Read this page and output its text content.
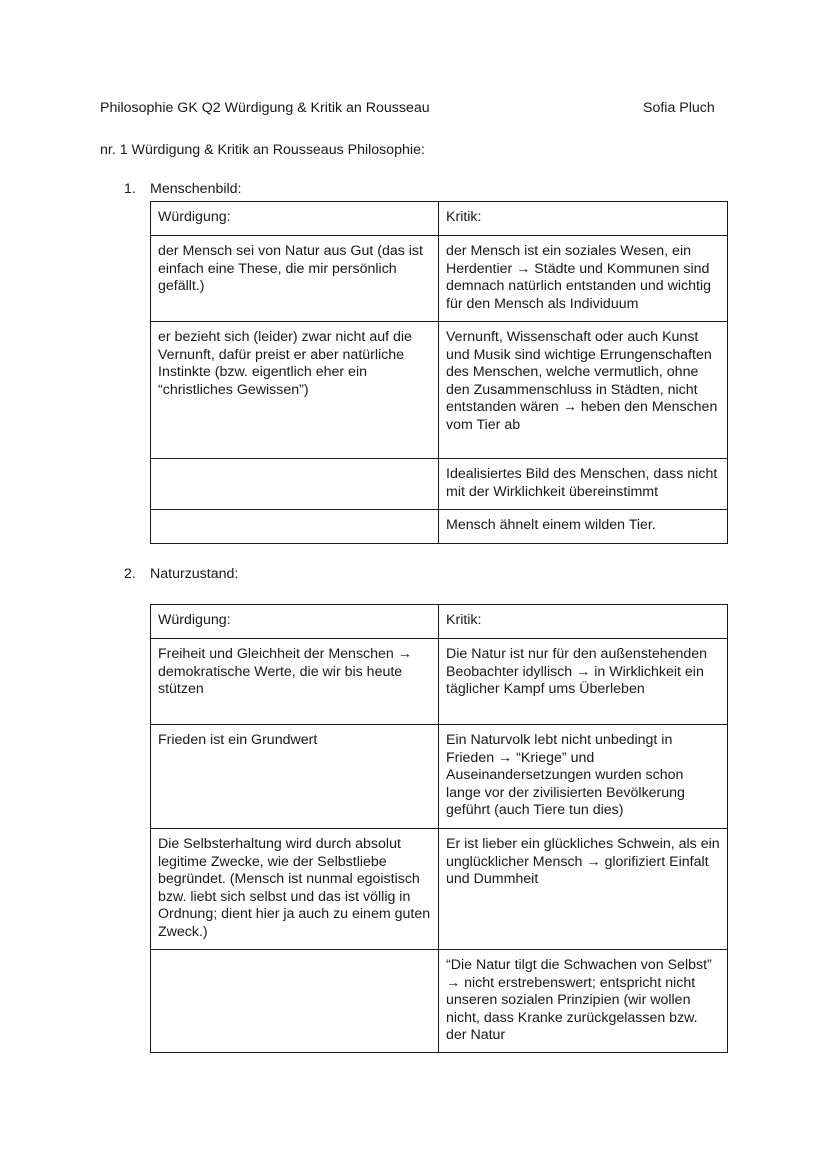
Philosophie GK Q2 Würdigung & Kritik an Rousseau	Sofia Pluch
nr. 1 Würdigung & Kritik an Rousseaus Philosophie:
1. Menschenbild:
Würdigung:	Kritik:
der Mensch sei von Natur aus Gut (das ist einfach eine These, die mir persönlich gefällt.)	der Mensch ist ein soziales Wesen, ein Herdentier → Städte und Kommunen sind demnach natürlich entstanden und wichtig für den Mensch als Individuum
er bezieht sich (leider) zwar nicht auf die Vernunft, dafür preist er aber natürliche Instinkte (bzw. eigentlich eher ein “christliches Gewissen”)	Vernunft, Wissenschaft oder auch Kunst und Musik sind wichtige Errungenschaften des Menschen, welche vermutlich, ohne den Zusammenschluss in Städten, nicht entstanden wären → heben den Menschen vom Tier ab
	Idealisiertes Bild des Menschen, dass nicht mit der Wirklichkeit übereinstimmt
	Mensch ähnelt einem wilden Tier.
2. Naturzustand:
Würdigung:	Kritik:
Freiheit und Gleichheit der Menschen → demokratische Werte, die wir bis heute stützen	Die Natur ist nur für den außenstehenden Beobachter idyllisch → in Wirklichkeit ein täglicher Kampf ums Überleben
Frieden ist ein Grundwert	Ein Naturvolk lebt nicht unbedingt in Frieden → “Kriege” und Auseinandersetzungen wurden schon lange vor der zivilisierten Bevölkerung geführt (auch Tiere tun dies)
Die Selbsterhaltung wird durch absolut legitime Zwecke, wie der Selbstliebe begründet. (Mensch ist nunmal egoistisch bzw. liebt sich selbst und das ist völlig in Ordnung; dient hier ja auch zu einem guten Zweck.)	Er ist lieber ein glückliches Schwein, als ein unglücklicher Mensch → glorifiziert Einfalt und Dummheit
	“Die Natur tilgt die Schwachen von Selbst” → nicht erstrebenswert; entspricht nicht unseren sozialen Prinzipien (wir wollen nicht, dass Kranke zurückgelassen bzw. der Natur
